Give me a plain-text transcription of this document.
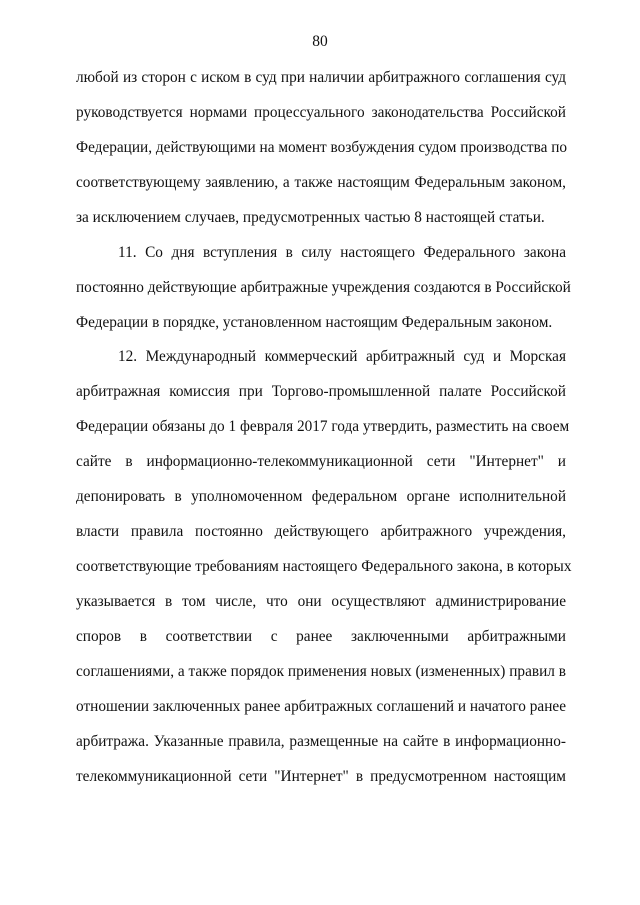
80
любой из сторон с иском в суд при наличии арбитражного соглашения суд
руководствуется нормами процессуального законодательства Российской
Федерации, действующими на момент возбуждения судом производства по
соответствующему заявлению, а также настоящим Федеральным законом,
за исключением случаев, предусмотренных частью 8 настоящей статьи.
11. Со дня вступления в силу настоящего Федерального закона
постоянно действующие арбитражные учреждения создаются в Российской
Федерации в порядке, установленном настоящим Федеральным законом.
12. Международный коммерческий арбитражный суд и Морская
арбитражная комиссия при Торгово-промышленной палате Российской
Федерации обязаны до 1 февраля 2017 года утвердить, разместить на своем
сайте в информационно-телекоммуникационной сети "Интернет" и
депонировать в уполномоченном федеральном органе исполнительной
власти правила постоянно действующего арбитражного учреждения,
соответствующие требованиям настоящего Федерального закона, в которых
указывается в том числе, что они осуществляют администрирование
споров в соответствии с ранее заключенными арбитражными
соглашениями, а также порядок применения новых (измененных) правил в
отношении заключенных ранее арбитражных соглашений и начатого ранее
арбитража. Указанные правила, размещенные на сайте в информационно-
телекоммуникационной сети "Интернет" в предусмотренном настоящим
